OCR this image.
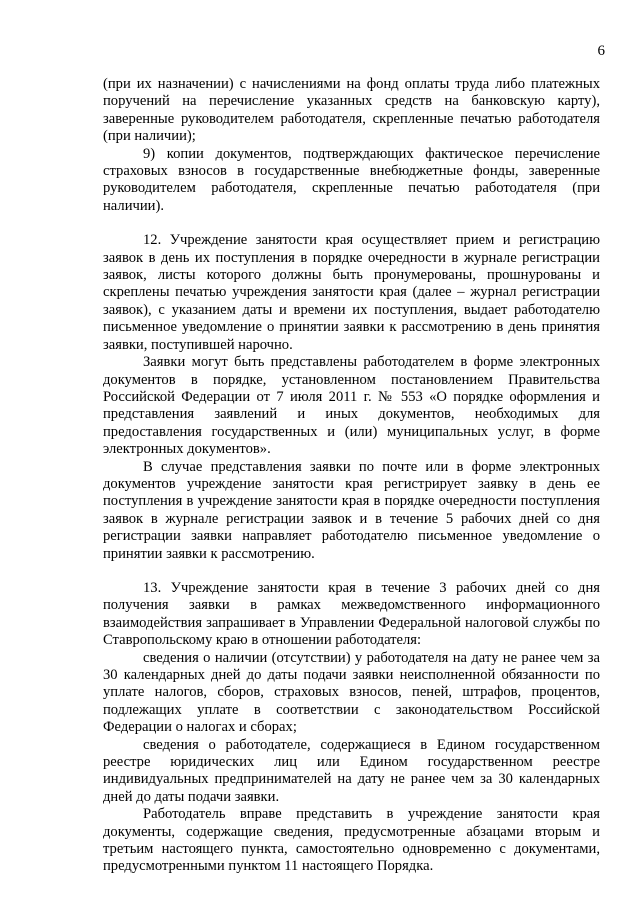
6

(при их назначении) с начислениями на фонд оплаты труда либо платежных поручений на перечисление указанных средств на банковскую карту), заверенные руководителем работодателя, скрепленные печатью работодателя (при наличии);

9) копии документов, подтверждающих фактическое перечисление страховых взносов в государственные внебюджетные фонды, заверенные руководителем работодателя, скрепленные печатью работодателя (при наличии).

12. Учреждение занятости края осуществляет прием и регистрацию заявок в день их поступления в порядке очередности в журнале регистрации заявок, листы которого должны быть пронумерованы, прошнурованы и скреплены печатью учреждения занятости края (далее – журнал регистрации заявок), с указанием даты и времени их поступления, выдает работодателю письменное уведомление о принятии заявки к рассмотрению в день принятия заявки, поступившей нарочно.

Заявки могут быть представлены работодателем в форме электронных документов в порядке, установленном постановлением Правительства Российской Федерации от 7 июля 2011 г. № 553 «О порядке оформления и представления заявлений и иных документов, необходимых для предоставления государственных и (или) муниципальных услуг, в форме электронных документов».

В случае представления заявки по почте или в форме электронных документов учреждение занятости края регистрирует заявку в день ее поступления в учреждение занятости края в порядке очередности поступления заявок в журнале регистрации заявок и в течение 5 рабочих дней со дня регистрации заявки направляет работодателю письменное уведомление о принятии заявки к рассмотрению.

13. Учреждение занятости края в течение 3 рабочих дней со дня получения заявки в рамках межведомственного информационного взаимодействия запрашивает в Управлении Федеральной налоговой службы по Ставропольскому краю в отношении работодателя:

сведения о наличии (отсутствии) у работодателя на дату не ранее чем за 30 календарных дней до даты подачи заявки неисполненной обязанности по уплате налогов, сборов, страховых взносов, пеней, штрафов, процентов, подлежащих уплате в соответствии с законодательством Российской Федерации о налогах и сборах;

сведения о работодателе, содержащиеся в Едином государственном реестре юридических лиц или Едином государственном реестре индивидуальных предпринимателей на дату не ранее чем за 30 календарных дней до даты подачи заявки.

Работодатель вправе представить в учреждение занятости края документы, содержащие сведения, предусмотренные абзацами вторым и третьим настоящего пункта, самостоятельно одновременно с документами, предусмотренными пунктом 11 настоящего Порядка.
